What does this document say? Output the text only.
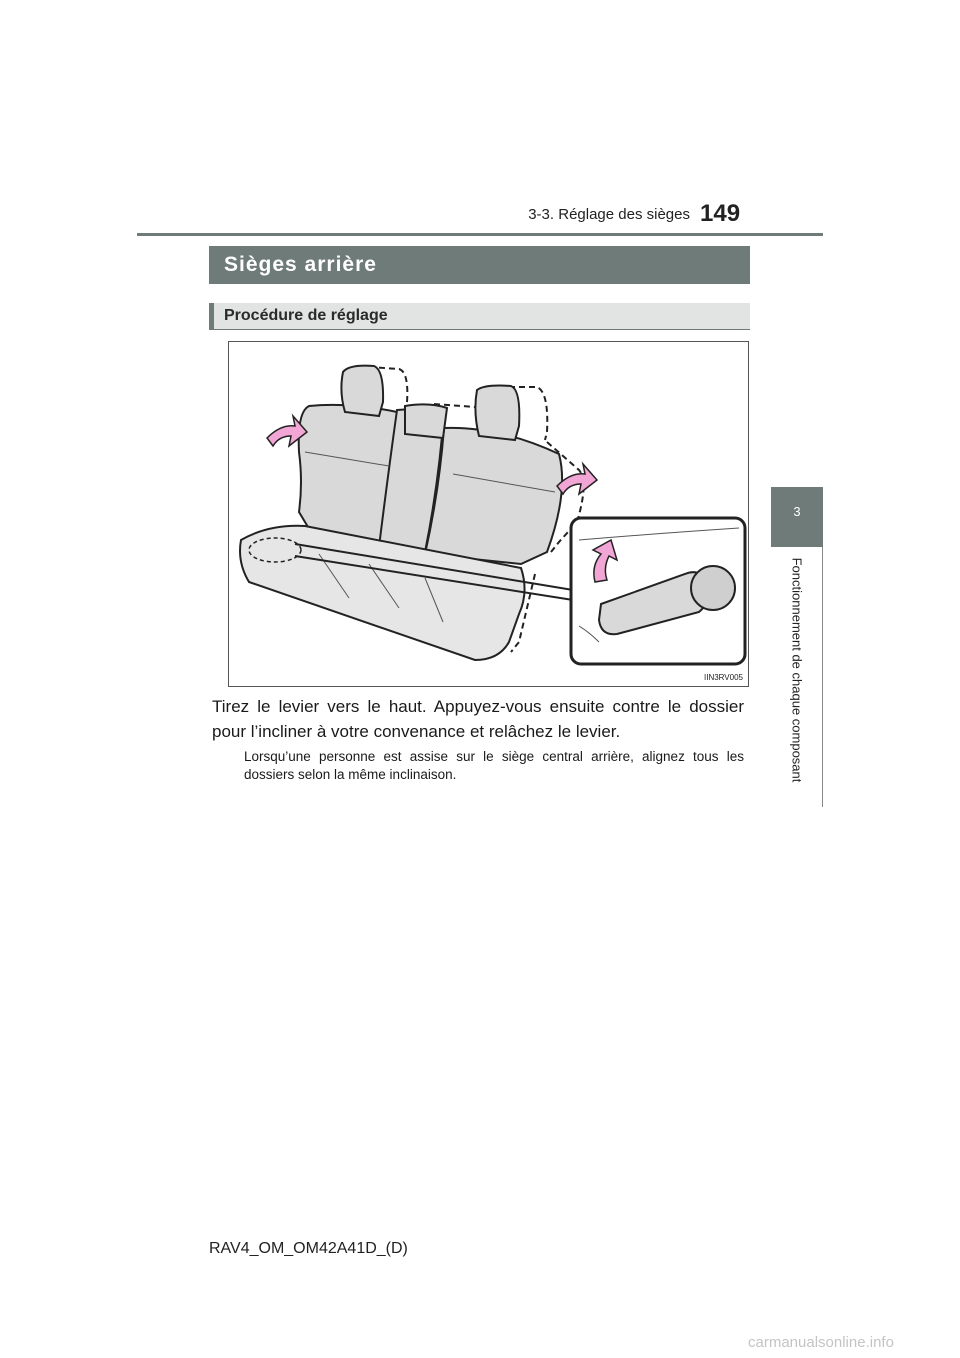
3-3. Réglage des sièges 149
3
Fonctionnement de chaque composant
Sièges arrière
Procédure de réglage
IIN3RV005
Tirez le levier vers le haut. Appuyez-vous ensuite contre le dossier pour l’incliner à votre convenance et relâchez le levier.
Lorsqu’une personne est assise sur le siège central arrière, alignez tous les dossiers selon la même inclinaison.
RAV4_OM_OM42A41D_(D)
carmanualsonline.info
